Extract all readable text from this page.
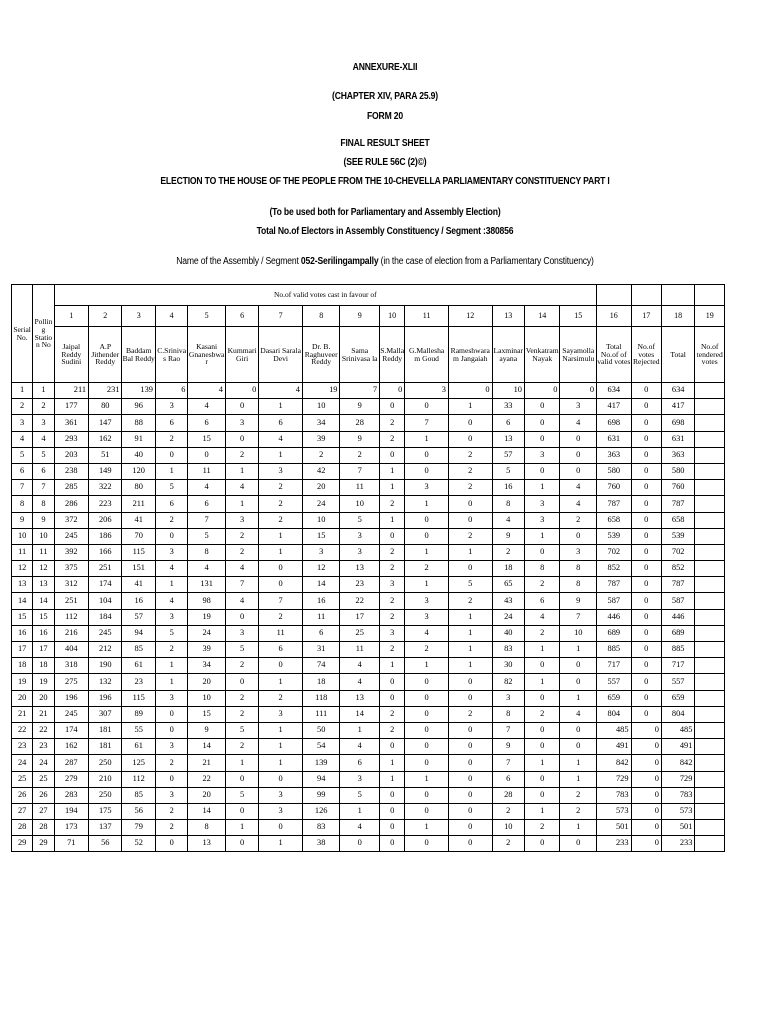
ANNEXURE-XLII
(CHAPTER XIV, PARA 25.9)
FORM 20
FINAL RESULT SHEET
(SEE RULE 56C (2)©)
ELECTION TO THE HOUSE OF THE PEOPLE FROM THE 10-CHEVELLA PARLIAMENTARY CONSTITUENCY PART I
(To be used both for Parliamentary and Assembly Election)
Total No.of Electors in Assembly Constituency / Segment :380856
Name of the Assembly / Segment 052-Serilingampally (in the case of election from a Parliamentary Constituency)
Serial No.	Pollin g Statio n No	No.of valid votes cast in favour of																		
		1	2	3	4	5	6	7	8	9	10	11	12	13	14	15	16	17	18	19
		Jaipal Reddy Sudini	A.P Jithender Reddy	Baddam Bal Reddy	C.Sriniva s Rao	Kasani Gnanesbwa r	Kummari Giri	Dasari Sarala Devi	Dr. B. Raghuveer Reddy	Sama Srinivasa la	S.Malla Reddy	G.Mallesha m Goud	Rameshwara m Jangaiah	Laxminar ayana	Venkatram Nayak	Sayamolla Narsimulu	Total No.of of valid votes	No.of votes Rejected	Total	No.of tendered votes
1	1	211	231	139	6	4	0	4	19	7	0	3	0	10	0	0	634	0	634	
2	2	177	80	96	3	4	0	1	10	9	0	0	1	33	0	3	417	0	417	
3	3	361	147	88	6	6	3	6	34	28	2	7	0	6	0	4	698	0	698	
4	4	293	162	91	2	15	0	4	39	9	2	1	0	13	0	0	631	0	631	
5	5	203	51	40	0	0	2	1	2	2	0	0	2	57	3	0	363	0	363	
6	6	238	149	120	1	11	1	3	42	7	1	0	2	5	0	0	580	0	580	
7	7	285	322	80	5	4	4	2	20	11	1	3	2	16	1	4	760	0	760	
8	8	286	223	211	6	6	1	2	24	10	2	1	0	8	3	4	787	0	787	
9	9	372	206	41	2	7	3	2	10	5	1	0	0	4	3	2	658	0	658	
10	10	245	186	70	0	5	2	1	15	3	0	0	2	9	1	0	539	0	539	
11	11	392	166	115	3	8	2	1	3	3	2	1	1	2	0	3	702	0	702	
12	12	375	251	151	4	4	4	0	12	13	2	2	0	18	8	8	852	0	852	
13	13	312	174	41	1	131	7	0	14	23	3	1	5	65	2	8	787	0	787	
14	14	251	104	16	4	98	4	7	16	22	2	3	2	43	6	9	587	0	587	
15	15	112	184	57	3	19	0	2	11	17	2	3	1	24	4	7	446	0	446	
16	16	216	245	94	5	24	3	11	6	25	3	4	1	40	2	10	689	0	689	
17	17	404	212	85	2	39	5	6	31	11	2	2	1	83	1	1	885	0	885	
18	18	318	190	61	1	34	2	0	74	4	1	1	1	30	0	0	717	0	717	
19	19	275	132	23	1	20	0	1	18	4	0	0	0	82	1	0	557	0	557	
20	20	196	196	115	3	10	2	2	118	13	0	0	0	3	0	1	659	0	659	
21	21	245	307	89	0	15	2	3	111	14	2	0	2	8	2	4	804	0	804	
22	22	174	181	55	0	9	5	1	50	1	2	0	0	7	0	0	485	0	485	
23	23	162	181	61	3	14	2	1	54	4	0	0	0	9	0	0	491	0	491	
24	24	287	250	125	2	21	1	1	139	6	1	0	0	7	1	1	842	0	842	
25	25	279	210	112	0	22	0	0	94	3	1	1	0	6	0	1	729	0	729	
26	26	283	250	85	3	20	5	3	99	5	0	0	0	28	0	2	783	0	783	
27	27	194	175	56	2	14	0	3	126	1	0	0	0	2	1	2	573	0	573	
28	28	173	137	79	2	8	1	0	83	4	0	1	0	10	2	1	501	0	501	
29	29	71	56	52	0	13	0	1	38	0	0	0	0	2	0	0	233	0	233	
